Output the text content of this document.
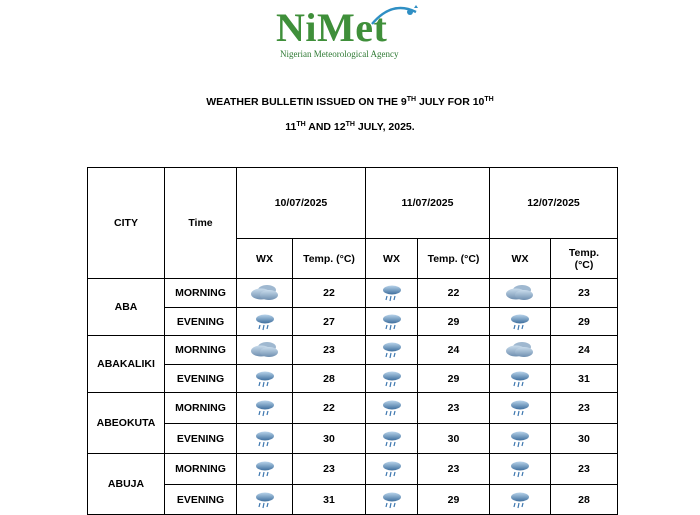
NiMet
Nigerian Meteorological Agency
WEATHER BULLETIN ISSUED ON THE 9TH JULY FOR 10TH
11TH AND 12TH JULY, 2025.
CITY	Time	10/07/2025		11/07/2025		12/07/2025	
		WX	Temp. (°C)	WX	Temp. (°C)	WX	Temp.
(°C)
ABA	MORNING		22		22		23
	EVENING		27		29		29
ABAKALIKI	MORNING		23		24		24
	EVENING		28		29		31
ABEOKUTA	MORNING		22		23		23
	EVENING		30		30		30
ABUJA	MORNING		23		23		23
	EVENING		31		29		28
